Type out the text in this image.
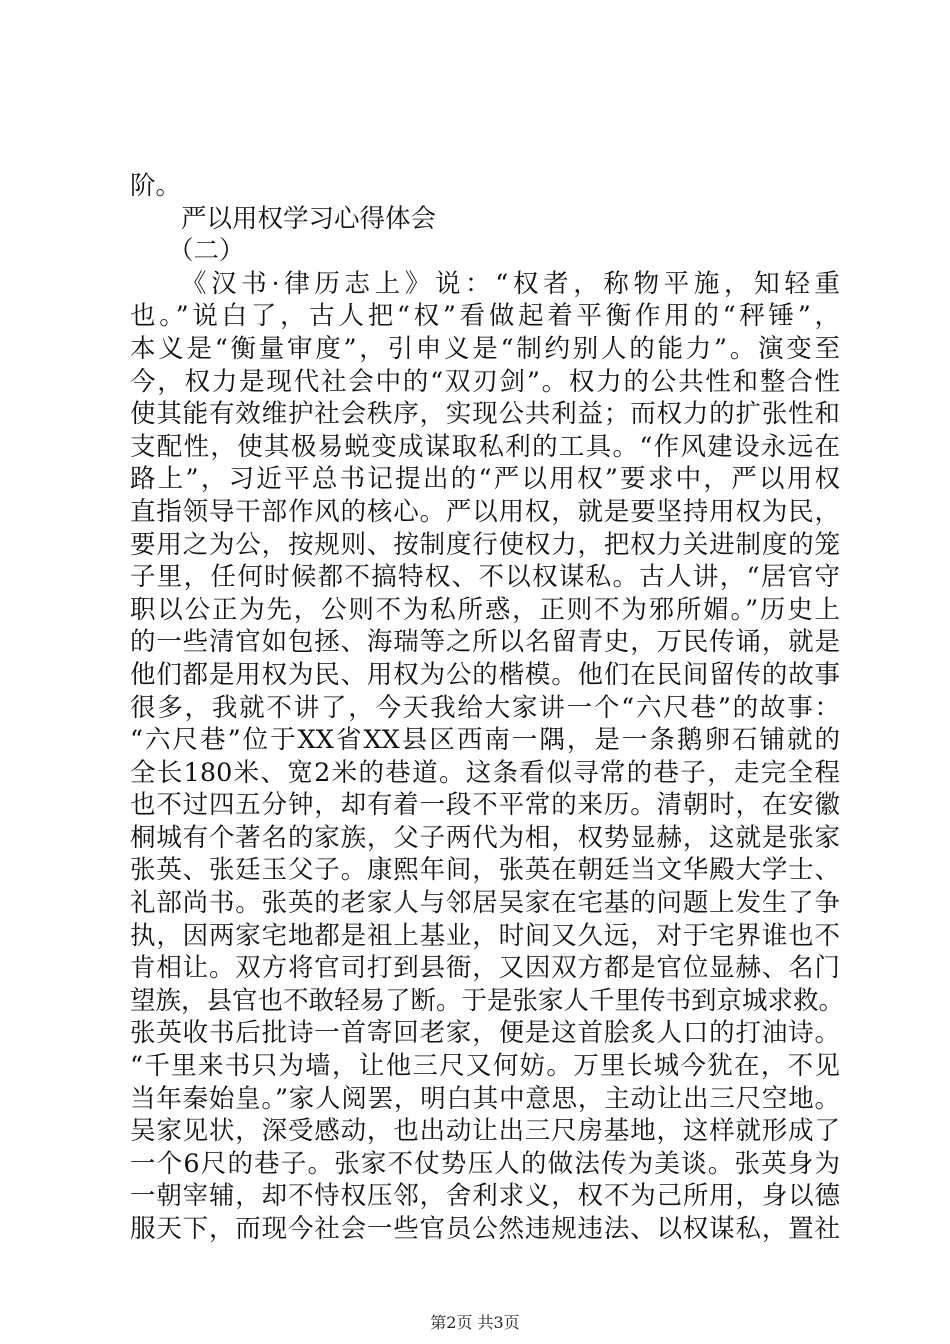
阶。
严以用权学习心得体会
（二）
《汉书·律历志上》说：“权者，称物平施，知轻重
也。”说白了，古人把“权”看做起着平衡作用的“秤锤”，
本义是“衡量审度”，引申义是“制约别人的能力”。演变至
今，权力是现代社会中的“双刃剑”。权力的公共性和整合性
使其能有效维护社会秩序，实现公共利益；而权力的扩张性和
支配性，使其极易蜕变成谋取私利的工具。“作风建设永远在
路上”，习近平总书记提出的“严以用权”要求中，严以用权
直指领导干部作风的核心。严以用权，就是要坚持用权为民，
要用之为公，按规则、按制度行使权力，把权力关进制度的笼
子里，任何时候都不搞特权、不以权谋私。古人讲，“居官守
职以公正为先，公则不为私所惑，正则不为邪所媚。”历史上
的一些清官如包拯、海瑞等之所以名留青史，万民传诵，就是
他们都是用权为民、用权为公的楷模。他们在民间留传的故事
很多，我就不讲了，今天我给大家讲一个“六尺巷”的故事：
“六尺巷”位于XX省XX县区西南一隅，是一条鹅卵石铺就的
全长180米、宽2米的巷道。这条看似寻常的巷子，走完全程
也不过四五分钟，却有着一段不平常的来历。清朝时，在安徽
桐城有个著名的家族，父子两代为相，权势显赫，这就是张家
张英、张廷玉父子。康熙年间，张英在朝廷当文华殿大学士、
礼部尚书。张英的老家人与邻居吴家在宅基的问题上发生了争
执，因两家宅地都是祖上基业，时间又久远，对于宅界谁也不
肯相让。双方将官司打到县衙，又因双方都是官位显赫、名门
望族，县官也不敢轻易了断。于是张家人千里传书到京城求救。
张英收书后批诗一首寄回老家，便是这首脍炙人口的打油诗。
“千里来书只为墙，让他三尺又何妨。万里长城今犹在，不见
当年秦始皇。”家人阅罢，明白其中意思，主动让出三尺空地。
吴家见状，深受感动，也出动让出三尺房基地，这样就形成了
一个6尺的巷子。张家不仗势压人的做法传为美谈。张英身为
一朝宰辅，却不恃权压邻，舍利求义，权不为己所用，身以德
服天下，而现今社会一些官员公然违规违法、以权谋私，置社
第2页 共3页
